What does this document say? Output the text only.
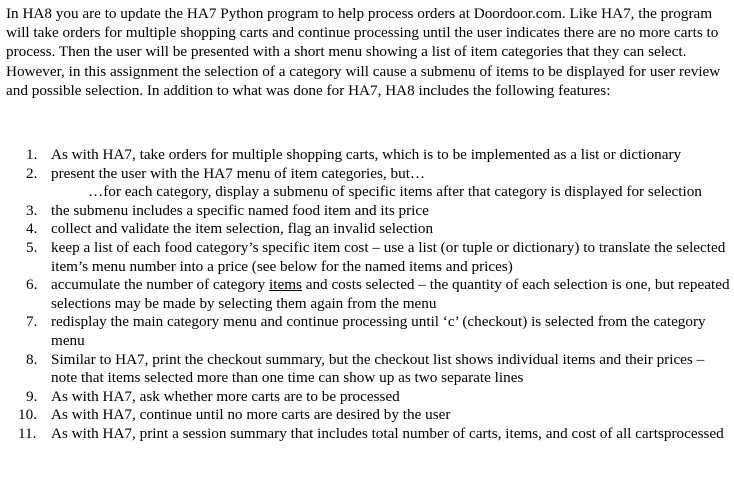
In HA8 you are to update the HA7 Python program to help process orders at Doordoor.com. Like HA7, the program will take orders for multiple shopping carts and continue processing until the user indicates there are no more carts to process. Then the user will be presented with a short menu showing a list of item categories that they can select. However, in this assignment the selection of a category will cause a submenu of items to be displayed for user review and possible selection. In addition to what was done for HA7, HA8 includes the following features:

1. As with HA7, take orders for multiple shopping carts, which is to be implemented as a list or dictionary
2. present the user with the HA7 menu of item categories, but…
…for each category, display a submenu of specific items after that category is displayed for selection
3. the submenu includes a specific named food item and its price
4. collect and validate the item selection, flag an invalid selection
5. keep a list of each food category’s specific item cost – use a list (or tuple or dictionary) to translate the selected item’s menu number into a price (see below for the named items and prices)
6. accumulate the number of category items and costs selected – the quantity of each selection is one, but repeated selections may be made by selecting them again from the menu
7. redisplay the main category menu and continue processing until ‘c’ (checkout) is selected from the category menu
8. Similar to HA7, print the checkout summary, but the checkout list shows individual items and their prices – note that items selected more than one time can show up as two separate lines
9. As with HA7, ask whether more carts are to be processed
10. As with HA7, continue until no more carts are desired by the user
11. As with HA7, print a session summary that includes total number of carts, items, and cost of all cartsprocessed
